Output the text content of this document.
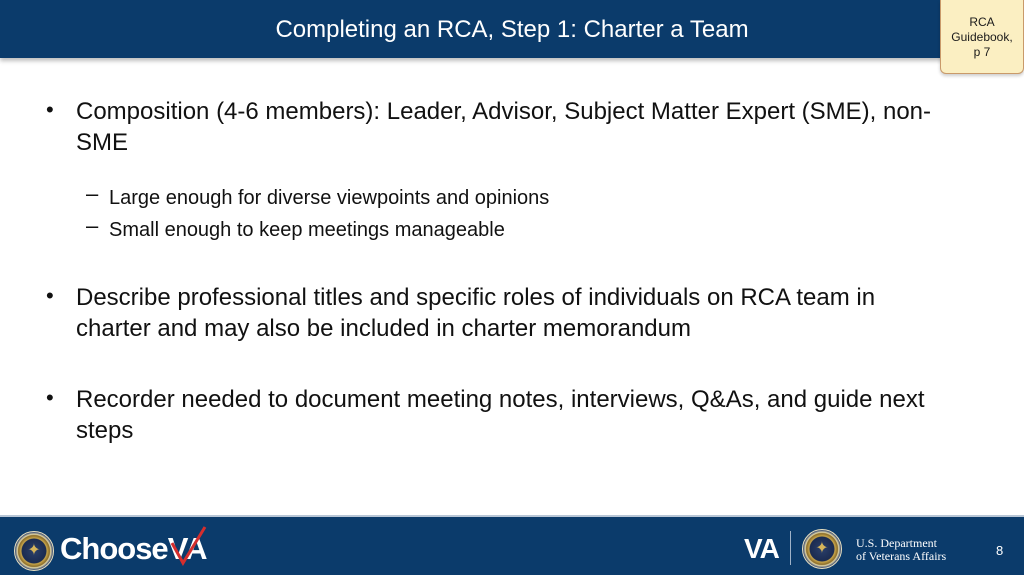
Completing an RCA, Step 1: Charter a Team	RCA
Guidebook,
p 7
• Composition (4-6 members): Leader, Advisor, Subject Matter Expert (SME), non-SME
– Large enough for diverse viewpoints and opinions
– Small enough to keep meetings manageable
• Describe professional titles and specific roles of individuals on RCA team in charter and may also be included in charter memorandum
• Recorder needed to document meeting notes, interviews, Q&As, and guide next steps
✦ ChooseVA	VA	✦	U.S. Department
of Veterans Affairs	8
